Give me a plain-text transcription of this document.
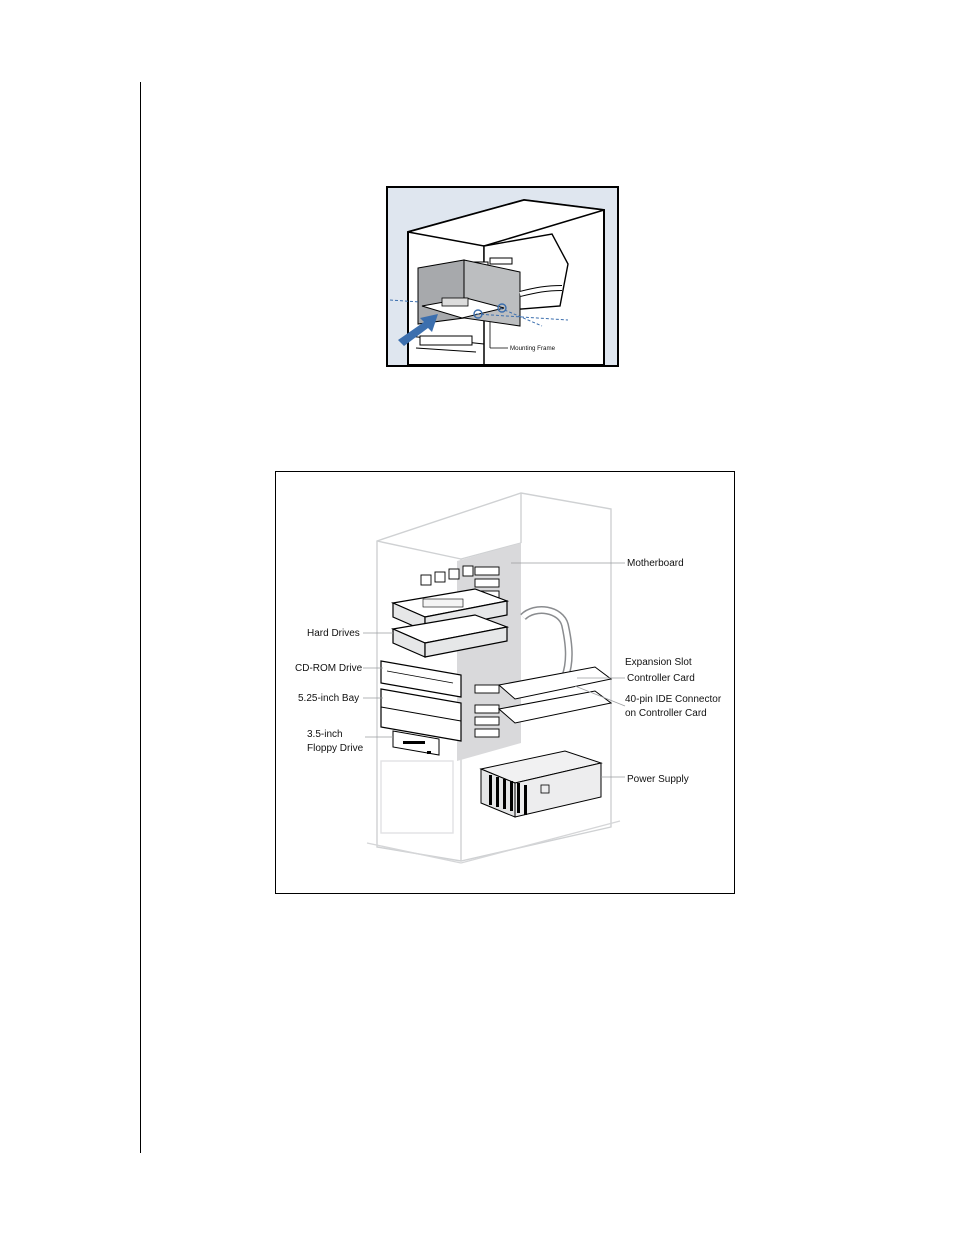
Mounting Frame
Motherboard
Hard Drives
CD-ROM Drive
5.25-inch Bay
3.5-inch
Floppy Drive
Expansion Slot
Controller Card
40-pin IDE Connector
on Controller Card
Power Supply
